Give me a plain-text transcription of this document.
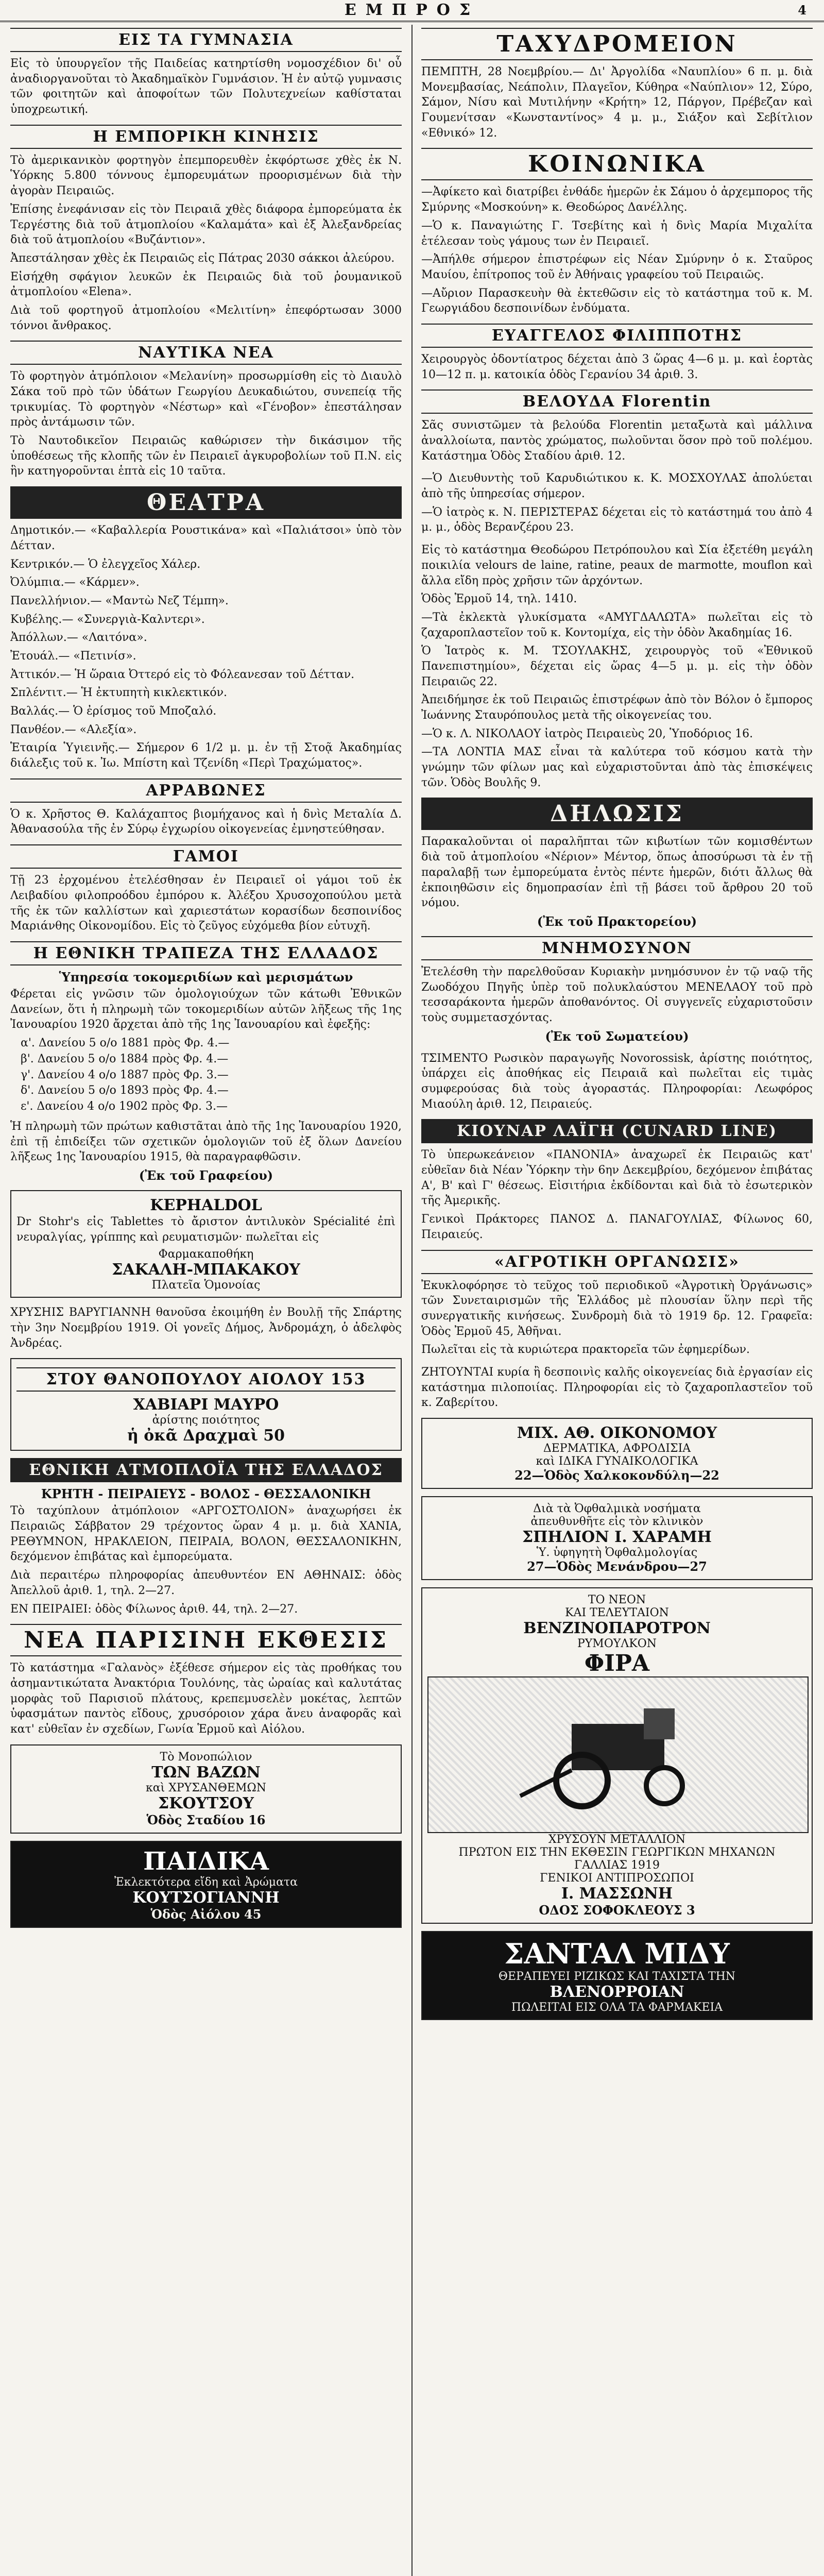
ΕΜΠΡΟΣ	4
ΕΙΣ ΤΑ ΓΥΜΝΑΣΙΑ

Εἰς τὸ ὑπουργεῖον τῆς Παιδείας κατηρτίσθη νομοσχέδιον δι' οὗ ἀναδιοργανοῦται τὸ Ἀκαδημαϊκὸν Γυμνάσιον. Ἡ ἐν αὐτῷ γυμνασις τῶν φοιτητῶν καὶ ἀποφοίτων τῶν Πολυτεχνείων καθίσταται ὑποχρεωτική.

Η ΕΜΠΟΡΙΚΗ ΚΙΝΗΣΙΣ

Τὸ ἀμερικανικὸν φορτηγὸν ἐπεμπορευθὲν ἐκφόρτωσε χθὲς ἐκ Ν. Ὑόρκης 5.800 τόννους ἐμπορευμάτων προορισμένων διὰ τὴν ἀγορὰν Πειραιῶς.

Ἐπίσης ἐνεφάνισαν εἰς τὸν Πειραιᾶ χθὲς διάφορα ἐμπορεύματα ἐκ Τεργέστης διὰ τοῦ ἀτμοπλοίου «Καλαμάτα» καὶ ἐξ Ἀλεξανδρείας διὰ τοῦ ἀτμοπλοίου «Βυζάντιον».

Ἀπεστάλησαν χθὲς ἐκ Πειραιῶς εἰς Πάτρας 2030 σάκκοι ἀλεύρου.

Εἰσήχθη σφάγιον λευκῶν ἐκ Πειραιῶς διὰ τοῦ ῥουμανικοῦ ἀτμοπλοίου «Elena».

Διὰ τοῦ φορτηγοῦ ἀτμοπλοίου «Μελιτίνη» ἐπεφόρτωσαν 3000 τόννοι ἄνθρακος.

ΝΑΥΤΙΚΑ ΝΕΑ

Τὸ φορτηγὸν ἀτμόπλοιον «Μελανίνη» προσωρμίσθη εἰς τὸ Διαυλὸ Σάκα τοῦ πρὸ τῶν ὑδάτων Γεωργίου Δευκαδιώτου, συνεπείᾳ τῆς τρικυμίας. Τὸ φορτηγὸν «Νέστωρ» καὶ «Γένοβον» ἐπεστάλησαν πρὸς ἀντάμωσιν τῶν.

Τὸ Ναυτοδικεῖον Πειραιῶς καθώρισεν τὴν δικάσιμον τῆς ὑποθέσεως τῆς κλοπῆς τῶν ἐν Πειραιεῖ ἀγκυροβολίων τοῦ Π.Ν. εἰς ἣν κατηγοροῦνται ἑπτὰ εἰς 10 ταῦτα.

ΘΕΑΤΡΑ

Δημοτικόν.— «Καβαλλερία Ρουστικάνα» καὶ «Παλιάτσοι» ὑπὸ τὸν Δέτταν.

Κεντρικόν.— Ὁ ἐλεγχεῖος Χάλερ.

Ὀλύμπια.— «Κάρμεν».

Πανελλήνιον.— «Μαντὼ Νεζ Τέμπη».

Κυβέλης.— «Συνεργιὰ-Καλντερι».

Ἀπόλλων.— «Λαιτόνα».

Ἐτουάλ.— «Πετινίσ».

Ἀττικόν.— Ἡ ὥραια Ὀττερό εἰς τὸ Φόλεανεσαν τοῦ Δέτταν.

Σπλέντιτ.— Ἡ ἐκτυπητὴ κικλεκτικόν.

Βαλλάς.— Ὁ ἐρίσμος τοῦ Μποζαλό.

Πανθέον.— «Αλεξία».

Ἑταιρία Ὑγιεινῆς.— Σήμερον 6 1/2 μ. μ. ἐν τῇ Στοᾷ Ἀκαδημίας διάλεξις τοῦ κ. Ἰω. Μπίστη καὶ Τζενίδη «Περὶ Τραχώματος».

ΑΡΡΑΒΩΝΕΣ

Ὁ κ. Χρῆστος Θ. Καλάχαπτος βιομήχανος καὶ ἡ δνὶς Μεταλία Δ. Ἀθανασούλα τῆς ἐν Σύρῳ ἐγχωρίου οἰκογενείας ἐμνηστεύθησαν.

ΓΑΜΟΙ

Τῇ 23 ἐρχομένου ἐτελέσθησαν ἐν Πειραιεῖ οἱ γάμοι τοῦ ἐκ Λειβαδίου φιλοπροόδου ἐμπόρου κ. Ἀλέξου Χρυσοχοπούλου μετὰ τῆς ἐκ τῶν καλλίστων καὶ χαριεστάτων κορασίδων δεσποινίδος Μαριάνθης Οἰκονομίδου. Εἰς τὸ ζεῦγος εὐχόμεθα βίον εὐτυχῆ.

Η ΕΘΝΙΚΗ ΤΡΑΠΕΖΑ ΤΗΣ ΕΛΛΑΔΟΣ
Ὑπηρεσία τοκομεριδίων καὶ μερισμάτων

Φέρεται εἰς γνῶσιν τῶν ὁμολογιούχων τῶν κάτωθι Ἐθνικῶν Δανείων, ὅτι ἡ πληρωμὴ τῶν τοκομεριδίων αὐτῶν λῆξεως τῆς 1ης Ἰανουαρίου 1920 ἄρχεται ἀπὸ τῆς 1ης Ἰανουαρίου καὶ ἐφεξῆς:

α'. Δανείου 5 ο/ο 1881 πρὸς Φρ. 4.—
β'. Δανείου 5 ο/ο 1884 πρὸς Φρ. 4.—
γ'. Δανείου 4 ο/ο 1887 πρὸς Φρ. 3.—
δ'. Δανείου 5 ο/ο 1893 πρὸς Φρ. 4.—
ε'. Δανείου 4 ο/ο 1902 πρὸς Φρ. 3.—

Ἡ πληρωμὴ τῶν πρώτων καθιστᾶται ἀπὸ τῆς 1ης Ἰανουαρίου 1920, ἐπὶ τῇ ἐπιδείξει τῶν σχετικῶν ὁμολογιῶν τοῦ ἐξ ὅλων Δανείου λῆξεως 1ης Ἰανουαρίου 1915, θὰ παραγραφθῶσιν.

(Ἐκ τοῦ Γραφείου)
KEPHALDOL

Dr Stohr's εἰς Tablettes τὸ ἄριστον ἀντιλυκὸν Spécialité ἐπὶ νευραλγίας, γρίππης καὶ ρευματισμῶν· πωλεῖται εἰς

Φαρμακαποθήκη
ΣΑΚΑΛΗ-ΜΠΑΚΑΚΟΥ
Πλατεῖα Ὁμονοίας

ΧΡΥΣΗΙΣ ΒΑΡΥΓΙΑΝΝΗ θανοῦσα ἐκοιμήθη ἐν Βουλῇ τῆς Σπάρτης τὴν 3ην Νοεμβρίου 1919. Οἱ γονεῖς Δήμος, Ἀνδρομάχη, ὁ ἀδελφὸς Ἀνδρέας.

ΣΤΟΥ ΘΑΝΟΠΟΥΛΟΥ ΑΙΟΛΟΥ 153
ΧΑΒΙΑΡΙ ΜΑΥΡΟ
ἀρίστης ποιότητος
ἡ ὀκᾶ Δραχμαὶ 50
ΕΘΝΙΚΗ ΑΤΜΟΠΛΟΪΑ ΤΗΣ ΕΛΛΑΔΟΣ
ΚΡΗΤΗ - ΠΕΙΡΑΙΕΥΣ - ΒΟΛΟΣ - ΘΕΣΣΑΛΟΝΙΚΗ

Τὸ ταχύπλουν ἀτμόπλοιον «ΑΡΓΟΣΤΟΛΙΟΝ» ἀναχωρήσει ἐκ Πειραιῶς Σάββατον 29 τρέχοντος ὥραν 4 μ. μ. διὰ ΧΑΝΙΑ, ΡΕΘΥΜΝΟΝ, ΗΡΑΚΛΕΙΟΝ, ΠΕΙΡΑΙΑ, ΒΟΛΟΝ, ΘΕΣΣΑΛΟΝΙΚΗΝ, δεχόμενον ἐπιβάτας καὶ ἐμπορεύματα.

Διὰ περαιτέρω πληροφορίας ἀπευθυντέον ΕΝ ΑΘΗΝΑΙΣ: ὁδὸς Ἀπελλοῦ ἀριθ. 1, τηλ. 2—27.

ΕΝ ΠΕΙΡΑΙΕΙ: ὁδὸς Φίλωνος ἀριθ. 44, τηλ. 2—27.

ΝΕΑ ΠΑΡΙΣΙΝΗ ΕΚΘΕΣΙΣ

Τὸ κατάστημα «Γαλανὸς» ἐξέθεσε σήμερον εἰς τὰς προθήκας του ἀσημαντικώτατα Ἀνακτόρια Τουλόνης, τὰς ὠραίας καὶ καλυτάτας μορφὰς τοῦ Παρισιοῦ πλάτους, κρεπεμυσελὲν μοκέτας, λεπτῶν ὑφασμάτων παντὸς εἴδους, χρυσόροιον χάρα ἄνευ ἀναφορᾶς καὶ κατ' εὐθεῖαν ἐν σχεδίων, Γωνία Ἑρμοῦ καὶ Αἰόλου.

Τὸ Μονοπώλιον
ΤΩΝ ΒΑΖΩΝ
καὶ ΧΡΥΣΑΝΘΕΜΩΝ
ΣΚΟΥΤΣΟΥ
Ὁδὸς Σταδίου 16
ΠΑΙΔΙΚΑ
Ἐκλεκτότερα εἴδη καὶ Ἀρώματα
ΚΟΥΤΣΟΓΙΑΝΝΗ
Ὁδὸς Αἰόλου 45
ΤΑΧΥΔΡΟΜΕΙΟΝ

ΠΕΜΠΤΗ, 28 Νοεμβρίου.— Δι' Ἀργολίδα «Ναυπλίου» 6 π. μ. διὰ Μονεμβασίας, Νεάπολιν, Πλαγεῖον, Κύθηρα «Ναύπλιον» 12, Σύρο, Σάμον, Νίσυ καὶ Μυτιλήνην «Κρήτη» 12, Πάργον, Πρέβεζαν καὶ Γουμενίτσαν «Κωνσταντίνος» 4 μ. μ., Σιάξον καὶ Σεβίτλιον «Εθνικό» 12.

ΚΟΙΝΩΝΙΚΑ

—Ἀφίκετο καὶ διατρίβει ἐνθάδε ἡμερῶν ἐκ Σάμου ὁ ἀρχεμπορος τῆς Σμύρνης «Μοσκούνη» κ. Θεοδώρος Δανέλλης.

—Ὁ κ. Παναγιώτης Γ. Τσεβίτης καὶ ἡ δνὶς Μαρία Μιχαλίτα ἐτέλεσαν τοὺς γάμους των ἐν Πειραιεῖ.

—Ἀπήλθε σήμερον ἐπιστρέφων εἰς Νέαν Σμύρνην ὁ κ. Σταῦρος Μαυίου, ἐπίτροπος τοῦ ἐν Ἀθήναις γραφείου τοῦ Πειραιῶς.

—Αὔριον Παρασκευὴν θὰ ἐκτεθῶσιν εἰς τὸ κατάστημα τοῦ κ. Μ. Γεωργιάδου δεσποινίδων ἐνδύματα.

ΕΥΑΓΓΕΛΟΣ ΦΙΛΙΠΠΟΤΗΣ

Χειρουργὸς ὀδοντίατρος δέχεται ἀπὸ 3 ὥρας 4—6 μ. μ. καὶ ἑορτὰς 10—12 π. μ. κατοικία ὁδὸς Γερανίου 34 ἀριθ. 3.

ΒΕΛΟΥΔΑ Florentin

Σᾶς συνιστῶμεν τὰ βελούδα Florentin μεταξωτὰ καὶ μάλλινα ἀναλλοίωτα, παντὸς χρώματος, πωλοῦνται ὅσον πρὸ τοῦ πολέμου. Κατάστημα Ὁδὸς Σταδίου ἀριθ. 12.

—Ὁ Διευθυντὴς τοῦ Καρυδιώτικου κ. Κ. ΜΟΣΧΟΥΛΑΣ ἀπολύεται ἀπὸ τῆς ὑπηρεσίας σήμερον.

—Ὁ ἰατρὸς κ. Ν. ΠΕΡΙΣΤΕΡΑΣ δέχεται εἰς τὸ κατάστημά του ἀπὸ 4 μ. μ., ὁδὸς Βερανζέρου 23.

Εἰς τὸ κατάστημα Θεοδώρου Πετρόπουλου καὶ Σία ἐξετέθη μεγάλη ποικιλία velours de laine, ratine, peaux de marmotte, mouflon καὶ ἄλλα εἴδη πρὸς χρῆσιν τῶν ἀρχόντων.

Ὁδὸς Ἑρμοῦ 14, τηλ. 1410.

—Τὰ ἐκλεκτὰ γλυκίσματα «ΑΜΥΓΔΑΛΩΤΑ» πωλεῖται εἰς τὸ ζαχαροπλαστεῖον τοῦ κ. Κοντομίχα, εἰς τὴν ὁδὸν Ἀκαδημίας 16.

Ὁ Ἰατρὸς κ. Μ. ΤΣΟΥΛΑΚΗΣ, χειρουργὸς τοῦ «Ἐθνικοῦ Πανεπιστημίου», δέχεται εἰς ὥρας 4—5 μ. μ. εἰς τὴν ὁδὸν Πειραιῶς 22.

Ἀπειδήμησε ἐκ τοῦ Πειραιῶς ἐπιστρέφων ἀπὸ τὸν Βόλον ὁ ἔμπορος Ἰωάννης Σταυρόπουλος μετὰ τῆς οἰκογενείας του.

—Ὁ κ. Λ. ΝΙΚΟΛΑΟΥ ἰατρὸς Πειραιεὺς 20, Ὑποδόριος 16.

—ΤΑ ΛΟΝΤΙΑ ΜΑΣ εἶναι τὰ καλύτερα τοῦ κόσμου κατὰ τὴν γνώμην τῶν φίλων μας καὶ εὐχαριστοῦνται ἀπὸ τὰς ἐπισκέψεις τῶν. Ὁδὸς Βουλῆς 9.

ΔΗΛΩΣΙΣ

Παρακαλοῦνται οἱ παραλῆπται τῶν κιβωτίων τῶν κομισθέντων διὰ τοῦ ἀτμοπλοίου «Νέριον» Μέντορ, ὅπως ἀποσύρωσι τὰ ἐν τῇ παραλαβῇ των ἐμπορεύματα ἐντὸς πέντε ἡμερῶν, διότι ἄλλως θὰ ἐκποιηθῶσιν εἰς δημοπρασίαν ἐπὶ τῇ βάσει τοῦ ἄρθρου 20 τοῦ νόμου.

(Ἐκ τοῦ Πρακτορείου)
ΜΝΗΜΟΣΥΝΟΝ

Ἐτελέσθη τὴν παρελθοῦσαν Κυριακὴν μνημόσυνον ἐν τῷ ναῷ τῆς Ζωοδόχου Πηγῆς ὑπὲρ τοῦ πολυκλαύστου ΜΕΝΕΛΑΟΥ τοῦ πρὸ τεσσαράκοντα ἡμερῶν ἀποθανόντος. Οἱ συγγενεῖς εὐχαριστοῦσιν τοὺς συμμετασχόντας.

(Ἐκ τοῦ Σωματείου)

ΤΣΙΜΕΝΤΟ Ρωσικὸν παραγωγῆς Novorossisk, ἀρίστης ποιότητος, ὑπάρχει εἰς ἀποθήκας εἰς Πειραιᾶ καὶ πωλεῖται εἰς τιμὰς συμφερούσας διὰ τοὺς ἀγοραστάς. Πληροφορίαι: Λεωφόρος Μιαούλη ἀριθ. 12, Πειραιεύς.

ΚΙΟΥΝΑΡ ΛΑΪΓΗ (CUNARD LINE)

Τὸ ὑπερωκεάνειον «ΠΑΝΟΝΙΑ» ἀναχωρεῖ ἐκ Πειραιῶς κατ' εὐθεῖαν διὰ Νέαν Ὑόρκην τὴν 6ην Δεκεμβρίου, δεχόμενον ἐπιβάτας Α', Β' καὶ Γ' θέσεως. Εἰσιτήρια ἐκδίδονται καὶ διὰ τὸ ἐσωτερικὸν τῆς Ἀμερικῆς.

Γενικοὶ Πράκτορες ΠΑΝΟΣ Δ. ΠΑΝΑΓΟΥΛΙΑΣ, Φίλωνος 60, Πειραιεύς.

«ΑΓΡΟΤΙΚΗ ΟΡΓΑΝΩΣΙΣ»

Ἐκυκλοφόρησε τὸ τεῦχος τοῦ περιοδικοῦ «Ἀγροτικὴ Ὀργάνωσις» τῶν Συνεταιρισμῶν τῆς Ἑλλάδος μὲ πλουσίαν ὕλην περὶ τῆς συνεργατικῆς κινήσεως. Συνδρομὴ διὰ τὸ 1919 δρ. 12. Γραφεῖα: Ὁδὸς Ἐρμοῦ 45, Ἀθῆναι.

Πωλεῖται εἰς τὰ κυριώτερα πρακτορεῖα τῶν ἐφημερίδων.

ΖΗΤΟΥΝΤΑΙ κυρία ἢ δεσποινὶς καλῆς οἰκογενείας διὰ ἐργασίαν εἰς κατάστημα πιλοποιίας. Πληροφορίαι εἰς τὸ ζαχαροπλαστεῖον τοῦ κ. Ζαβερίτου.

ΜΙΧ. ΑΘ. ΟΙΚΟΝΟΜΟΥ
ΔΕΡΜΑΤΙΚΑ, ΑΦΡΟΔΙΣΙΑ
καὶ ΙΔΙΚΑ ΓΥΝΑΙΚΟΛΟΓΙΚΑ
22—Ὁδὸς Χαλκοκονδύλη—22
Διὰ τὰ Ὀφθαλμικὰ νοσήματα
ἀπευθυνθῆτε εἰς τὸν κλινικὸν
ΣΠΗΛΙΟΝ Ι. ΧΑΡΑΜΗ
Ὑ. ὑφηγητὴ Ὀφθαλμολογίας
27—Ὁδὸς Μενάνδρου—27
ΤΟ ΝΕΟΝ
ΚΑΙ ΤΕΛΕΥΤΑΙΟΝ
ΒΕΝΖΙΝΟΠΑΡΟΤΡΟΝ
ΡΥΜΟΥΛΚΟΝ
ΦΙΡΑ
ΧΡΥΣΟΥΝ ΜΕΤΑΛΛΙΟΝ
ΠΡΩΤΟΝ ΕΙΣ ΤΗΝ ΕΚΘΕΣΙΝ ΓΕΩΡΓΙΚΩΝ ΜΗΧΑΝΩΝ
ΓΑΛΛΙΑΣ 1919
ΓΕΝΙΚΟΙ ΑΝΤΙΠΡΟΣΩΠΟΙ
Ι. ΜΑΣΣΩΝΗ
ΟΔΟΣ ΣΟΦΟΚΛΕΟΥΣ 3
ΣΑΝΤΑΛ ΜΙΔΥ
ΘΕΡΑΠΕΥΕΙ ΡΙΖΙΚΩΣ ΚΑΙ ΤΑΧΙΣΤΑ ΤΗΝ
ΒΛΕΝΟΡΡΟΙΑΝ
ΠΩΛΕΙΤΑΙ ΕΙΣ ΟΛΑ ΤΑ ΦΑΡΜΑΚΕΙΑ
